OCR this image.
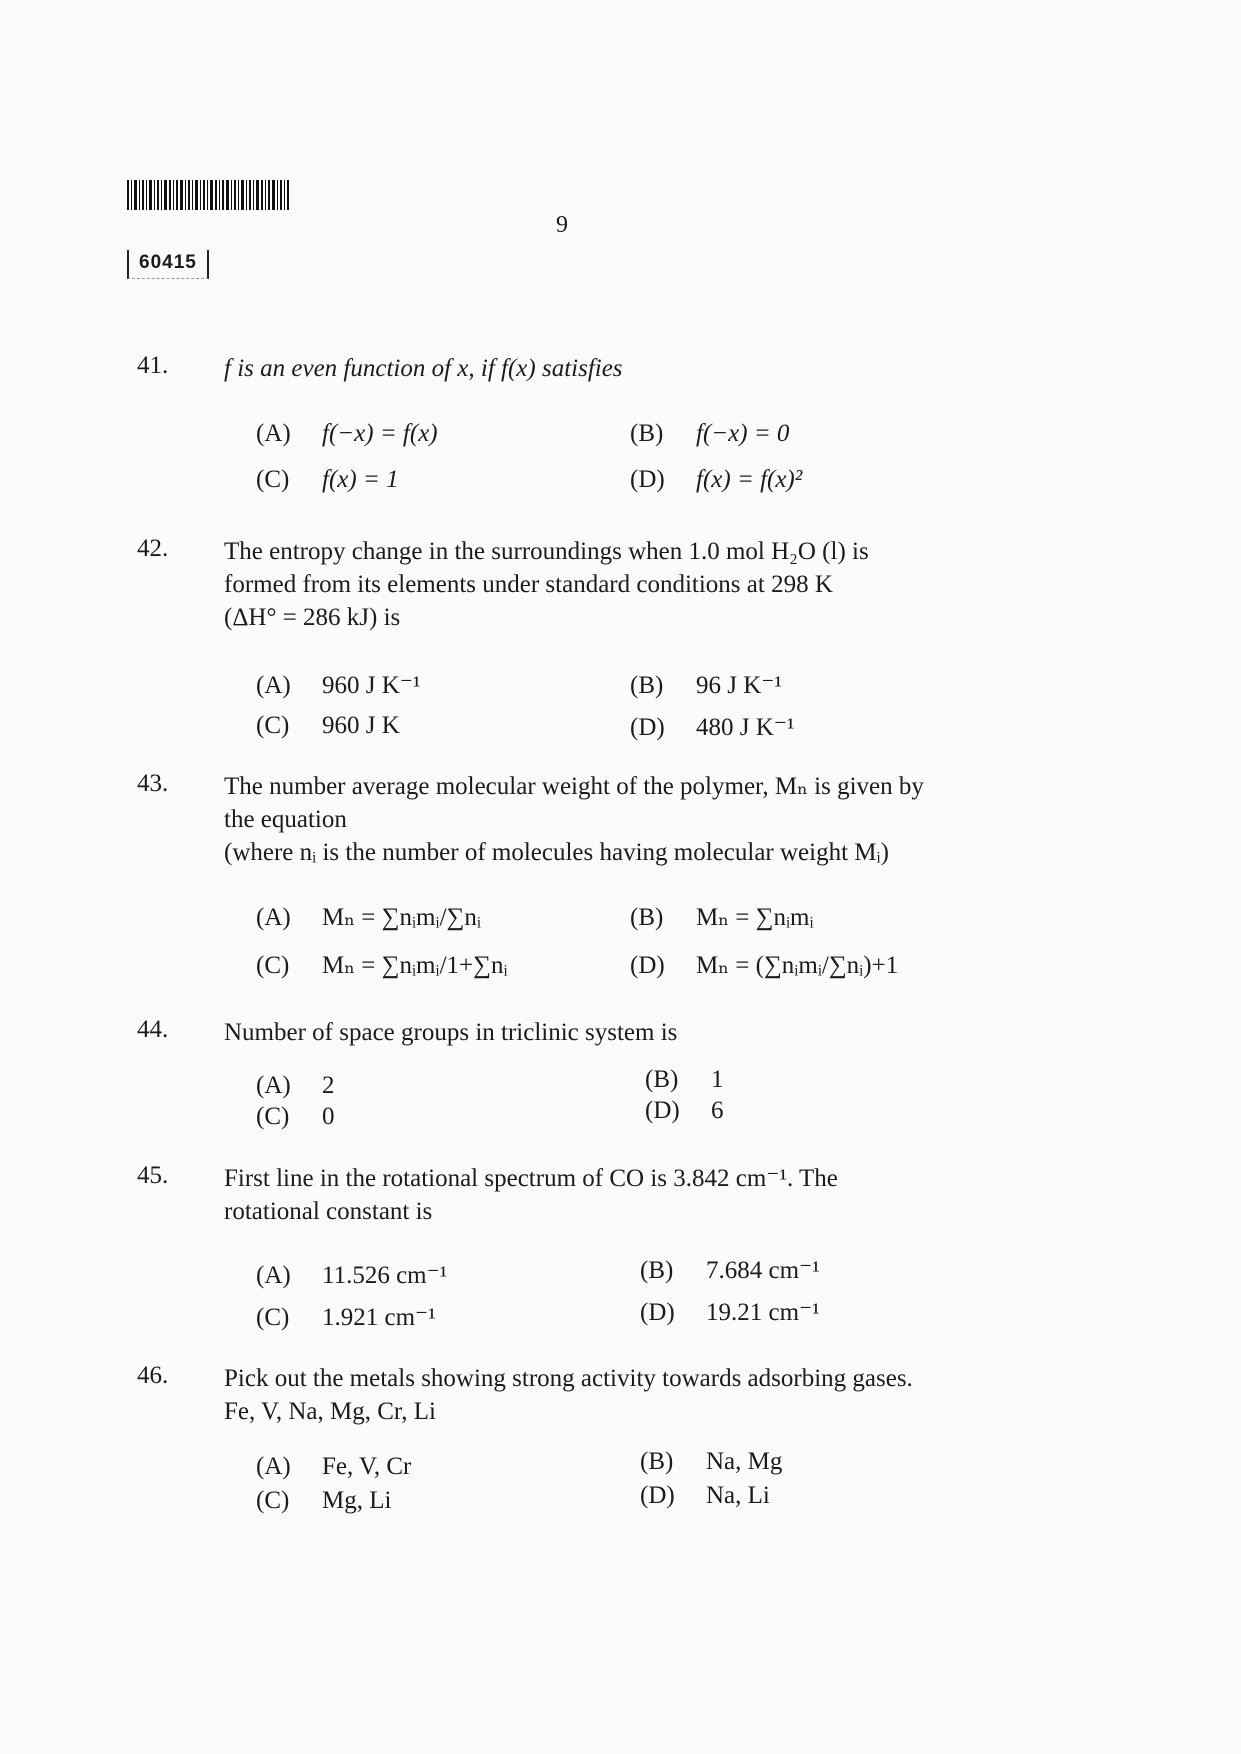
9
60415
41. f is an even function of x, if f(x) satisfies
(A) f(−x) = f(x)	(B) f(−x) = 0
(C) f(x) = 1	(D) f(x) = f(x)²
42. The entropy change in the surroundings when 1.0 mol H₂O (l) is
formed from its elements under standard conditions at 298 K
(ΔH° = 286 kJ) is
(A) 960 J K⁻¹	(B) 96 J K⁻¹
(C) 960 J K	(D) 480 J K⁻¹
43. The number average molecular weight of the polymer, Mₙ is given by
the equation
(where nᵢ is the number of molecules having molecular weight Mᵢ)
(A) Mₙ = ∑nᵢmᵢ/∑nᵢ	(B) Mₙ = ∑nᵢmᵢ
(C) Mₙ = ∑nᵢmᵢ/1+∑nᵢ	(D) Mₙ = (∑nᵢmᵢ/∑nᵢ)+1
44. Number of space groups in triclinic system is
(A) 2	(B) 1
(C) 0	(D) 6
45. First line in the rotational spectrum of CO is 3.842 cm⁻¹. The
rotational constant is
(A) 11.526 cm⁻¹	(B) 7.684 cm⁻¹
(C) 1.921 cm⁻¹	(D) 19.21 cm⁻¹
46. Pick out the metals showing strong activity towards adsorbing gases.
Fe, V, Na, Mg, Cr, Li
(A) Fe, V, Cr	(B) Na, Mg
(C) Mg, Li	(D) Na, Li
